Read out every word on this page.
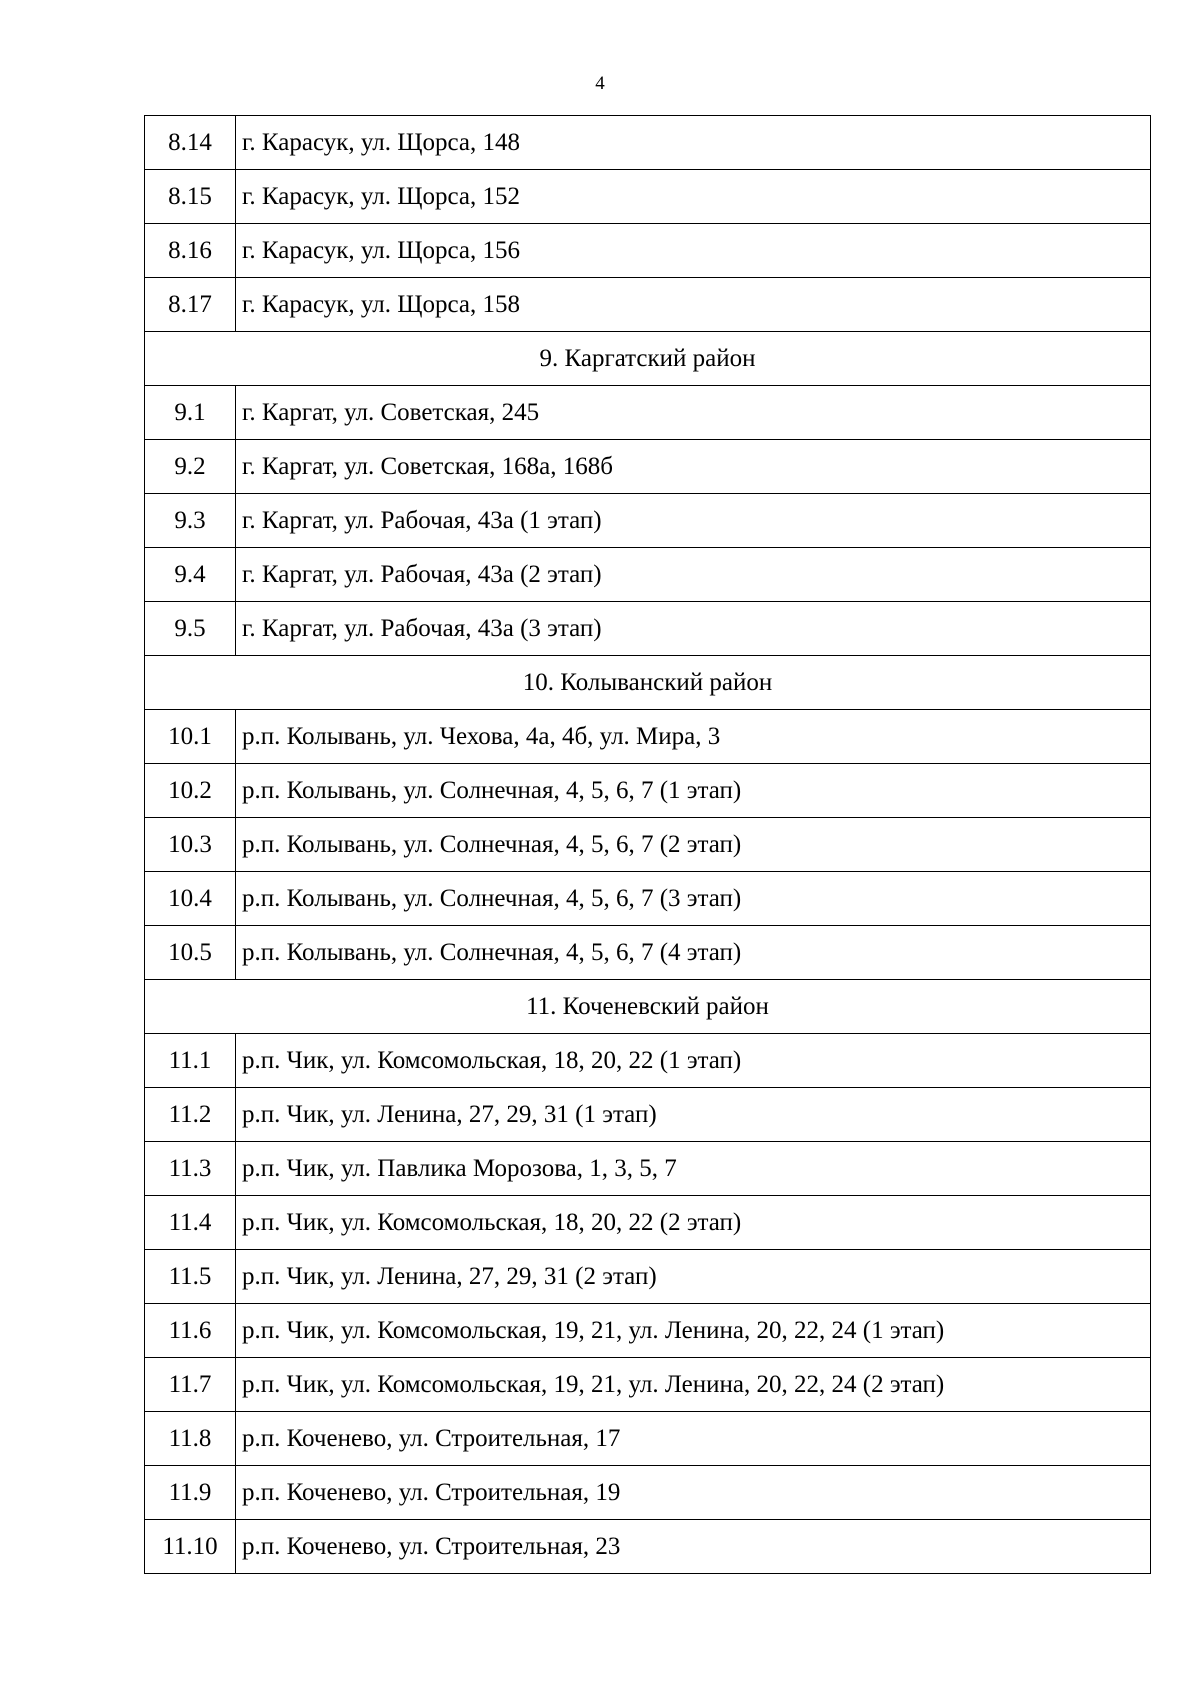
4
8.14	г. Карасук, ул. Щорса, 148
8.15	г. Карасук, ул. Щорса, 152
8.16	г. Карасук, ул. Щорса, 156
8.17	г. Карасук, ул. Щорса, 158
9. Каргатский район	
9.1	г. Каргат, ул. Советская, 245
9.2	г. Каргат, ул. Советская, 168а, 168б
9.3	г. Каргат, ул. Рабочая, 43а (1 этап)
9.4	г. Каргат, ул. Рабочая, 43а (2 этап)
9.5	г. Каргат, ул. Рабочая, 43а (3 этап)
10. Колыванский район	
10.1	р.п. Колывань, ул. Чехова, 4а, 4б, ул. Мира, 3
10.2	р.п. Колывань, ул. Солнечная, 4, 5, 6, 7 (1 этап)
10.3	р.п. Колывань, ул. Солнечная, 4, 5, 6, 7 (2 этап)
10.4	р.п. Колывань, ул. Солнечная, 4, 5, 6, 7 (3 этап)
10.5	р.п. Колывань, ул. Солнечная, 4, 5, 6, 7 (4 этап)
11. Коченевский район	
11.1	р.п. Чик, ул. Комсомольская, 18, 20, 22 (1 этап)
11.2	р.п. Чик, ул. Ленина, 27, 29, 31 (1 этап)
11.3	р.п. Чик, ул. Павлика Морозова, 1, 3, 5, 7
11.4	р.п. Чик, ул. Комсомольская, 18, 20, 22 (2 этап)
11.5	р.п. Чик, ул. Ленина, 27, 29, 31 (2 этап)
11.6	р.п. Чик, ул. Комсомольская, 19, 21, ул. Ленина, 20, 22, 24 (1 этап)
11.7	р.п. Чик, ул. Комсомольская, 19, 21, ул. Ленина, 20, 22, 24 (2 этап)
11.8	р.п. Коченево, ул. Строительная, 17
11.9	р.п. Коченево, ул. Строительная, 19
11.10	р.п. Коченево, ул. Строительная, 23
